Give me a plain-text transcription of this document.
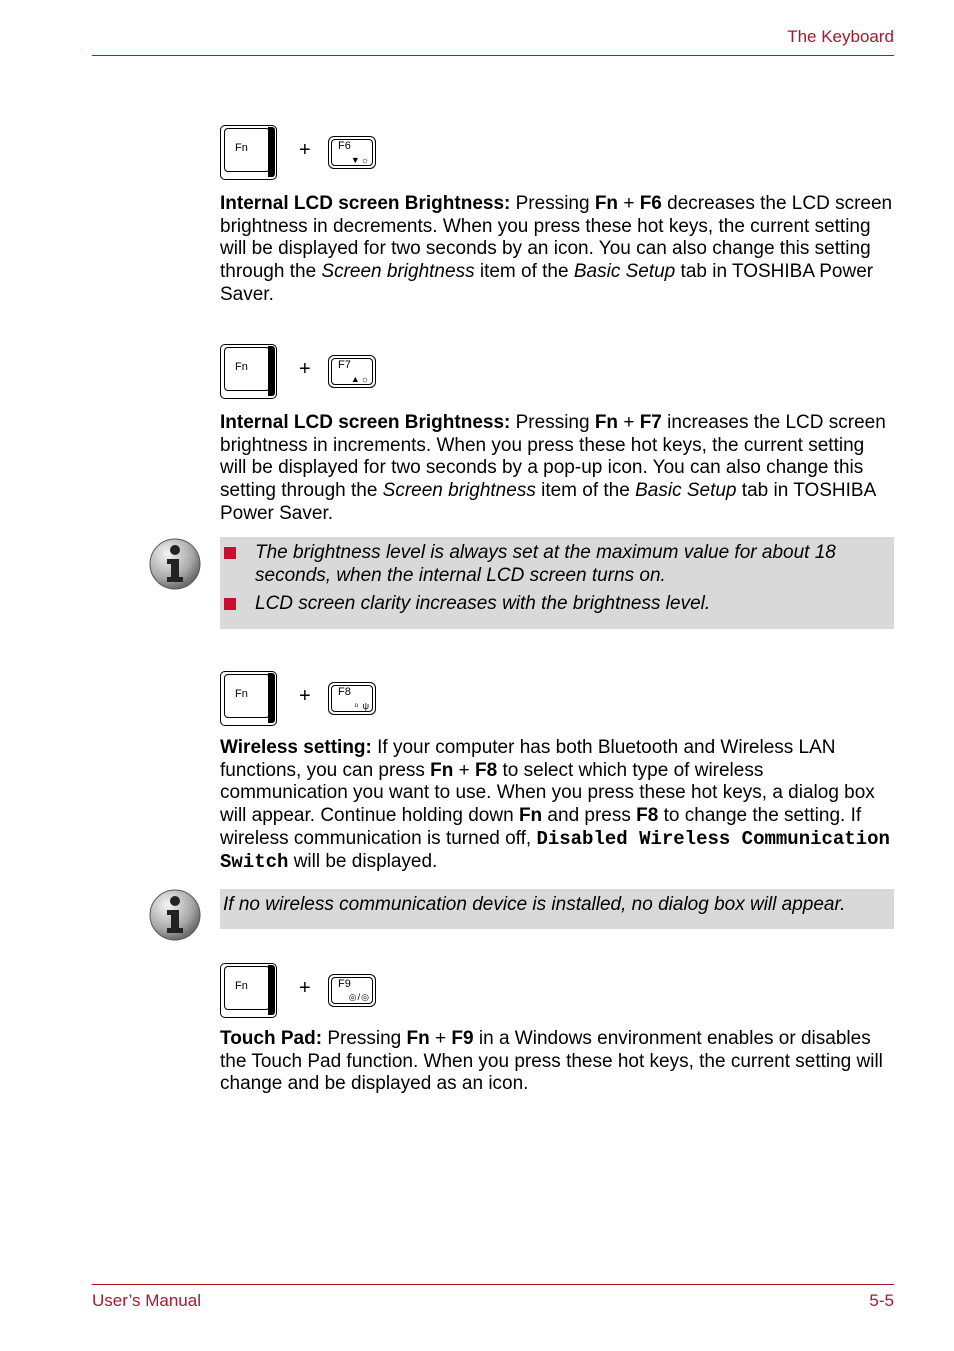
The Keyboard
Fn	+ F6
▼☼

Internal LCD screen Brightness: Pressing Fn + F6 decreases the LCD screen brightness in decrements. When you press these hot keys, the current setting will be displayed for two seconds by an icon. You can also change this setting through the Screen brightness item of the Basic Setup tab in TOSHIBA Power Saver.

Fn	+ F7
▲☼

Internal LCD screen Brightness: Pressing Fn + F7 increases the LCD screen brightness in increments. When you press these hot keys, the current setting will be displayed for two seconds by a pop-up icon. You can also change this setting through the Screen brightness item of the Basic Setup tab in TOSHIBA Power Saver.

The brightness level is always set at the maximum value for about 18 seconds, when the internal LCD screen turns on.
LCD screen clarity increases with the brightness level.
Fn	+ F8
ᵒ ψ

Wireless setting: If your computer has both Bluetooth and Wireless LAN functions, you can press Fn + F8 to select which type of wireless communication you want to use. When you press these hot keys, a dialog box will appear. Continue holding down Fn and press F8 to change the setting. If wireless communication is turned off, Disabled Wireless Communication Switch will be displayed.

If no wireless communication device is installed, no dialog box will appear.
Fn	+ F9
◎/◎

Touch Pad: Pressing Fn + F9 in a Windows environment enables or disables the Touch Pad function. When you press these hot keys, the current setting will change and be displayed as an icon.

User’s Manual	5-5
